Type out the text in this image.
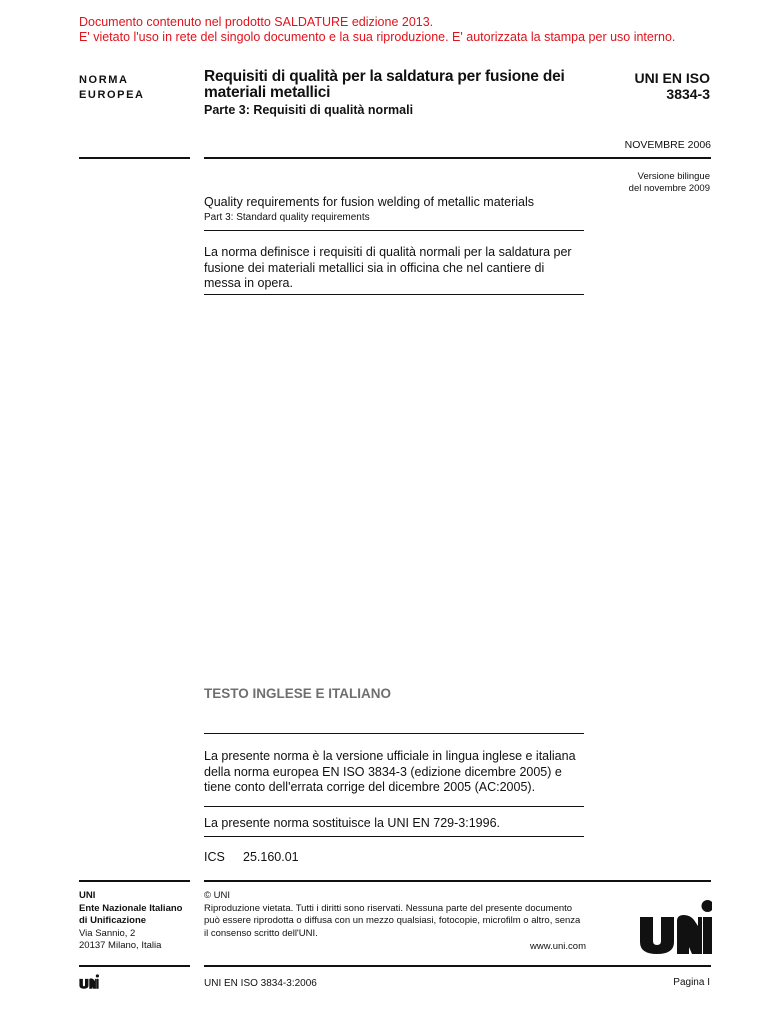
Documento contenuto nel prodotto SALDATURE edizione 2013.
E' vietato l'uso in rete del singolo documento e la sua riproduzione. E' autorizzata la stampa per uso interno.
NORMA
EUROPEA
Requisiti di qualità per la saldatura per fusione dei
materiali metallici
Parte 3: Requisiti di qualità normali
UNI EN ISO
3834-3
NOVEMBRE 2006
Versione bilingue
del novembre 2009
Quality requirements for fusion welding of metallic materials
Part 3: Standard quality requirements
La norma definisce i requisiti di qualità normali per la saldatura per
fusione dei materiali metallici sia in officina che nel cantiere di
messa in opera.
TESTO INGLESE E ITALIANO
La presente norma è la versione ufficiale in lingua inglese e italiana
della norma europea EN ISO 3834-3 (edizione dicembre 2005) e
tiene conto dell'errata corrige del dicembre 2005 (AC:2005).
La presente norma sostituisce la UNI EN 729-3:1996.
ICS 25.160.01
UNI
Ente Nazionale Italiano
di Unificazione
Via Sannio, 2
20137 Milano, Italia
© UNI
Riproduzione vietata. Tutti i diritti sono riservati. Nessuna parte del presente documento
può essere riprodotta o diffusa con un mezzo qualsiasi, fotocopie, microfilm o altro, senza
il consenso scritto dell'UNI.
www.uni.com
UNI EN ISO 3834-3:2006	Pagina I
